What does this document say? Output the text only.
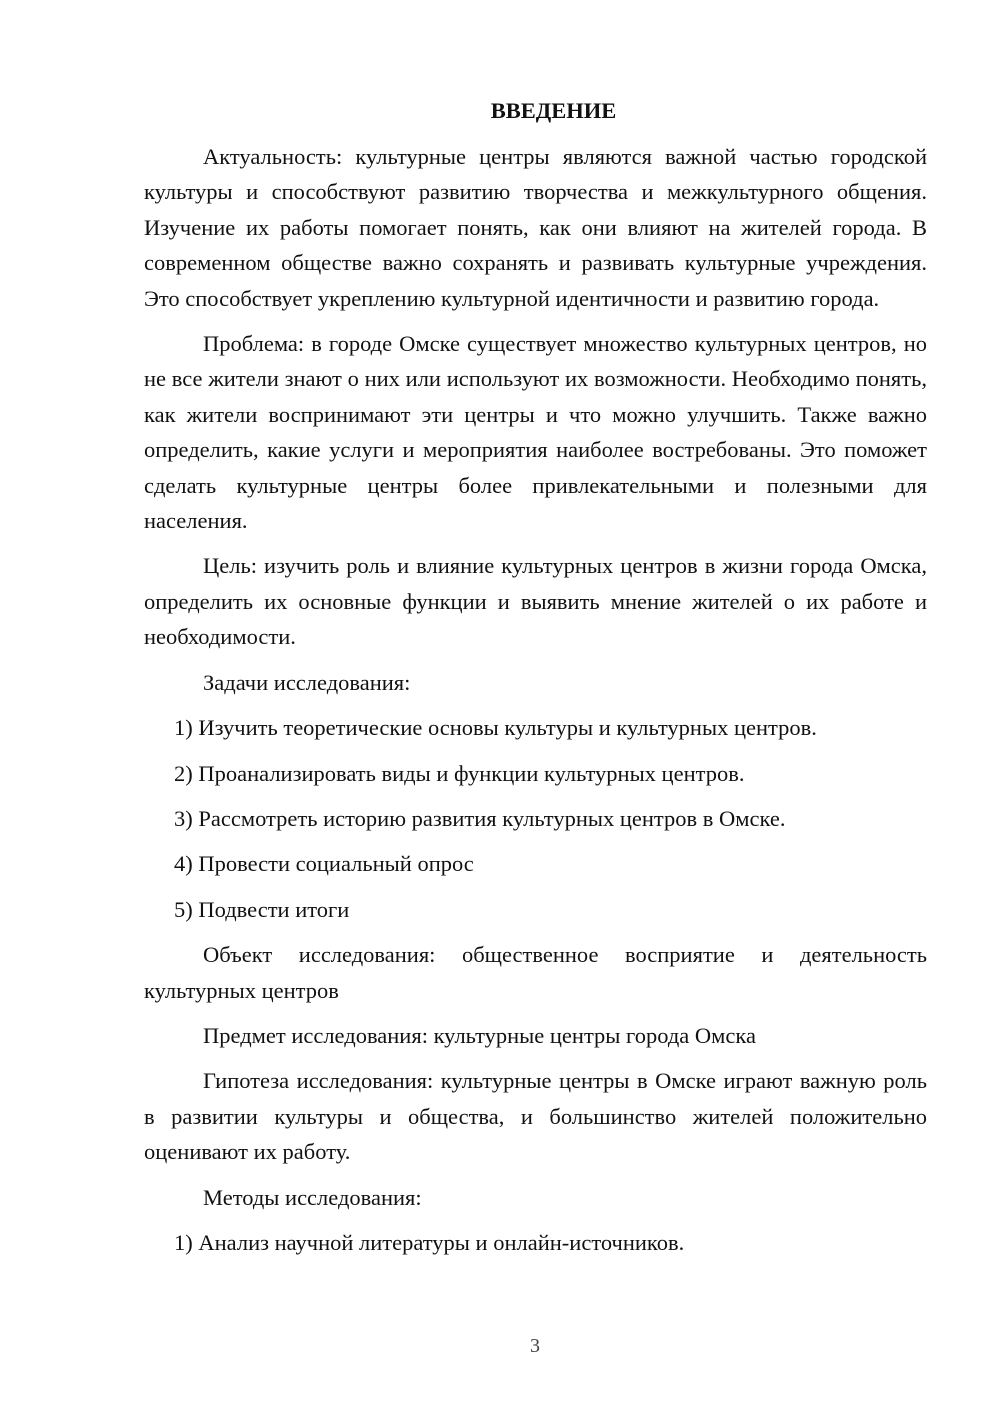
ВВЕДЕНИЕ

Актуальность: культурные центры являются важной частью городской культуры и способствуют развитию творчества и межкультурного общения. Изучение их работы помогает понять, как они влияют на жителей города. В современном обществе важно сохранять и развивать культурные учреждения. Это способствует укреплению культурной идентичности и развитию города.

Проблема: в городе Омске существует множество культурных центров, но не все жители знают о них или используют их возможности. Необходимо понять, как жители воспринимают эти центры и что можно улучшить. Также важно определить, какие услуги и мероприятия наиболее востребованы. Это поможет сделать культурные центры более привлекательными и полезными для населения.

Цель: изучить роль и влияние культурных центров в жизни города Омска, определить их основные функции и выявить мнение жителей о их работе и необходимости.

Задачи исследования:

1) Изучить теоретические основы культуры и культурных центров.

2) Проанализировать виды и функции культурных центров.

3) Рассмотреть историю развития культурных центров в Омске.

4) Провести социальный опрос

5) Подвести итоги

Объект исследования: общественное восприятие и деятельность культурных центров

Предмет исследования: культурные центры города Омска

Гипотеза исследования: культурные центры в Омске играют важную роль в развитии культуры и общества, и большинство жителей положительно оценивают их работу.

Методы исследования:

1) Анализ научной литературы и онлайн-источников.

3
